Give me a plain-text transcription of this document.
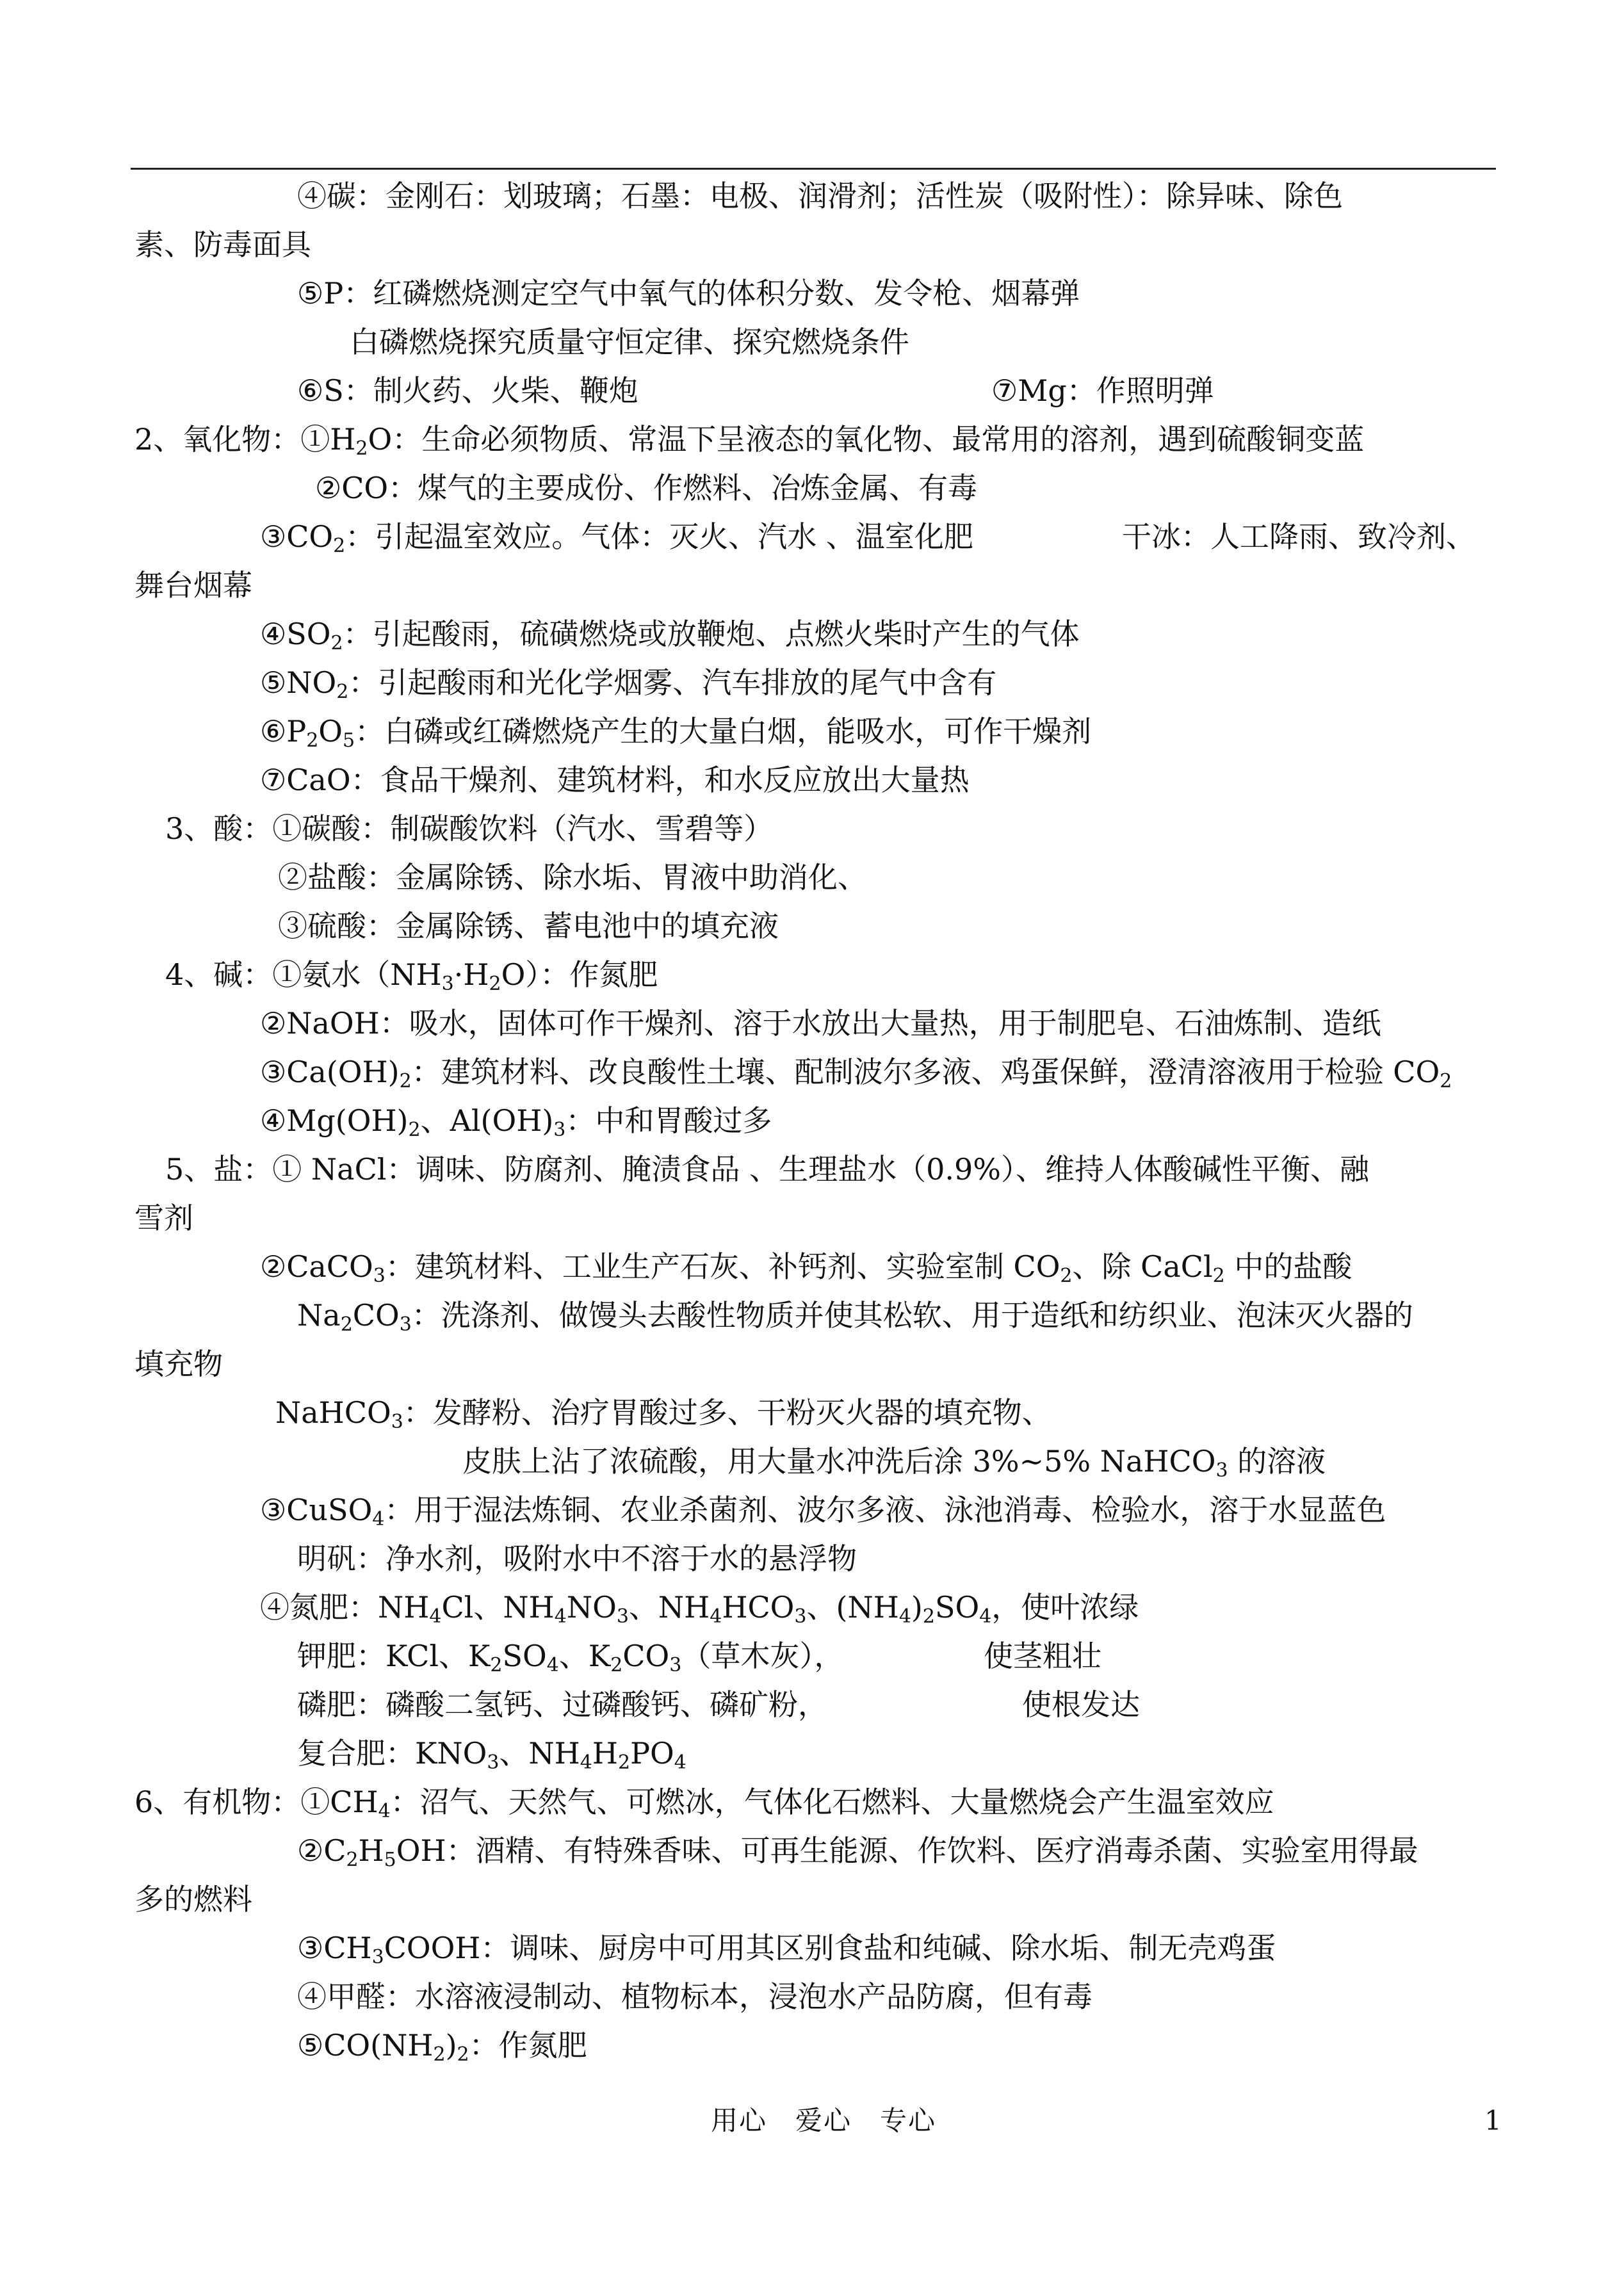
④碳：金刚石：划玻璃；石墨：电极、润滑剂；活性炭（吸附性）：除异味、除色
素、防毒面具
⑤P：红磷燃烧测定空气中氧气的体积分数、发令枪、烟幕弹
白磷燃烧探究质量守恒定律、探究燃烧条件
⑥S：制火药、火柴、鞭炮	⑦Mg：作照明弹
2、氧化物：$①H_2O$：生命必须物质、常温下呈液态的氧化物、最常用的溶剂，遇到硫酸铜变蓝
②CO：煤气的主要成份、作燃料、冶炼金属、有毒
$③CO_2$：引起温室效应。气体：灭火、汽水 、温室化肥	干冰：人工降雨、致冷剂、
舞台烟幕
$④SO_2$：引起酸雨，硫磺燃烧或放鞭炮、点燃火柴时产生的气体
$⑤NO_2$：引起酸雨和光化学烟雾、汽车排放的尾气中含有
$⑥P_2O_5$：白磷或红磷燃烧产生的大量白烟，能吸水，可作干燥剂
⑦CaO：食品干燥剂、建筑材料，和水反应放出大量热
3、酸：①碳酸：制碳酸饮料（汽水、雪碧等）
②盐酸：金属除锈、除水垢、胃液中助消化、
③硫酸：金属除锈、蓄电池中的填充液
4、碱：①氨水$(NH_3\cdot H_2O)$：作氮肥
②NaOH：吸水，固体可作干燥剂、溶于水放出大量热，用于制肥皂、石油炼制、造纸
$③Ca(OH)_2$：建筑材料、改良酸性土壤、配制波尔多液、鸡蛋保鲜，澄清溶液用于检验 $CO_2$
$④Mg(OH)_2$、$Al(OH)_3$：中和胃酸过多
5、盐：① NaCl：调味、防腐剂、腌渍食品 、生理盐水（0.9%）、维持人体酸碱性平衡、融
雪剂
②CaCO$_3$：建筑材料、工业生产石灰、补钙剂、实验室制 $CO_2$、除 CaCl$_2$ 中的盐酸
$Na_2CO_3$：洗涤剂、做馒头去酸性物质并使其松软、用于造纸和纺织业、泡沫灭火器的
填充物
NaHCO$_3$：发酵粉、治疗胃酸过多、干粉灭火器的填充物、
皮肤上沾了浓硫酸，用大量水冲洗后涂 3%~5% NaHCO$_3$ 的溶液
③CuSO$_4$：用于湿法炼铜、农业杀菌剂、波尔多液、泳池消毒、检验水，溶于水显蓝色
明矾：净水剂，吸附水中不溶于水的悬浮物
④氮肥：$NH_4Cl$、$NH_4NO_3$、$NH_4HCO_3$、$(NH_4)_2SO_4$，使叶浓绿
钾肥：KCl、$K_2SO_4$、$K_2CO_3$（草木灰），	使茎粗壮
磷肥：磷酸二氢钙、过磷酸钙、磷矿粉，	使根发达
复合肥：$KNO_3$、$NH_4H_2PO_4$
6、有机物：$①CH_4$：沼气、天然气、可燃冰，气体化石燃料、大量燃烧会产生温室效应
$②C_2H_5OH$：酒精、有特殊香味、可再生能源、作饮料、医疗消毒杀菌、实验室用得最
多的燃料
$③CH_3COOH$：调味、厨房中可用其区别食盐和纯碱、除水垢、制无壳鸡蛋
④甲醛：水溶液浸制动、植物标本，浸泡水产品防腐，但有毒
$⑤CO(NH_2)_2$：作氮肥
用心　爱心　专心	1
